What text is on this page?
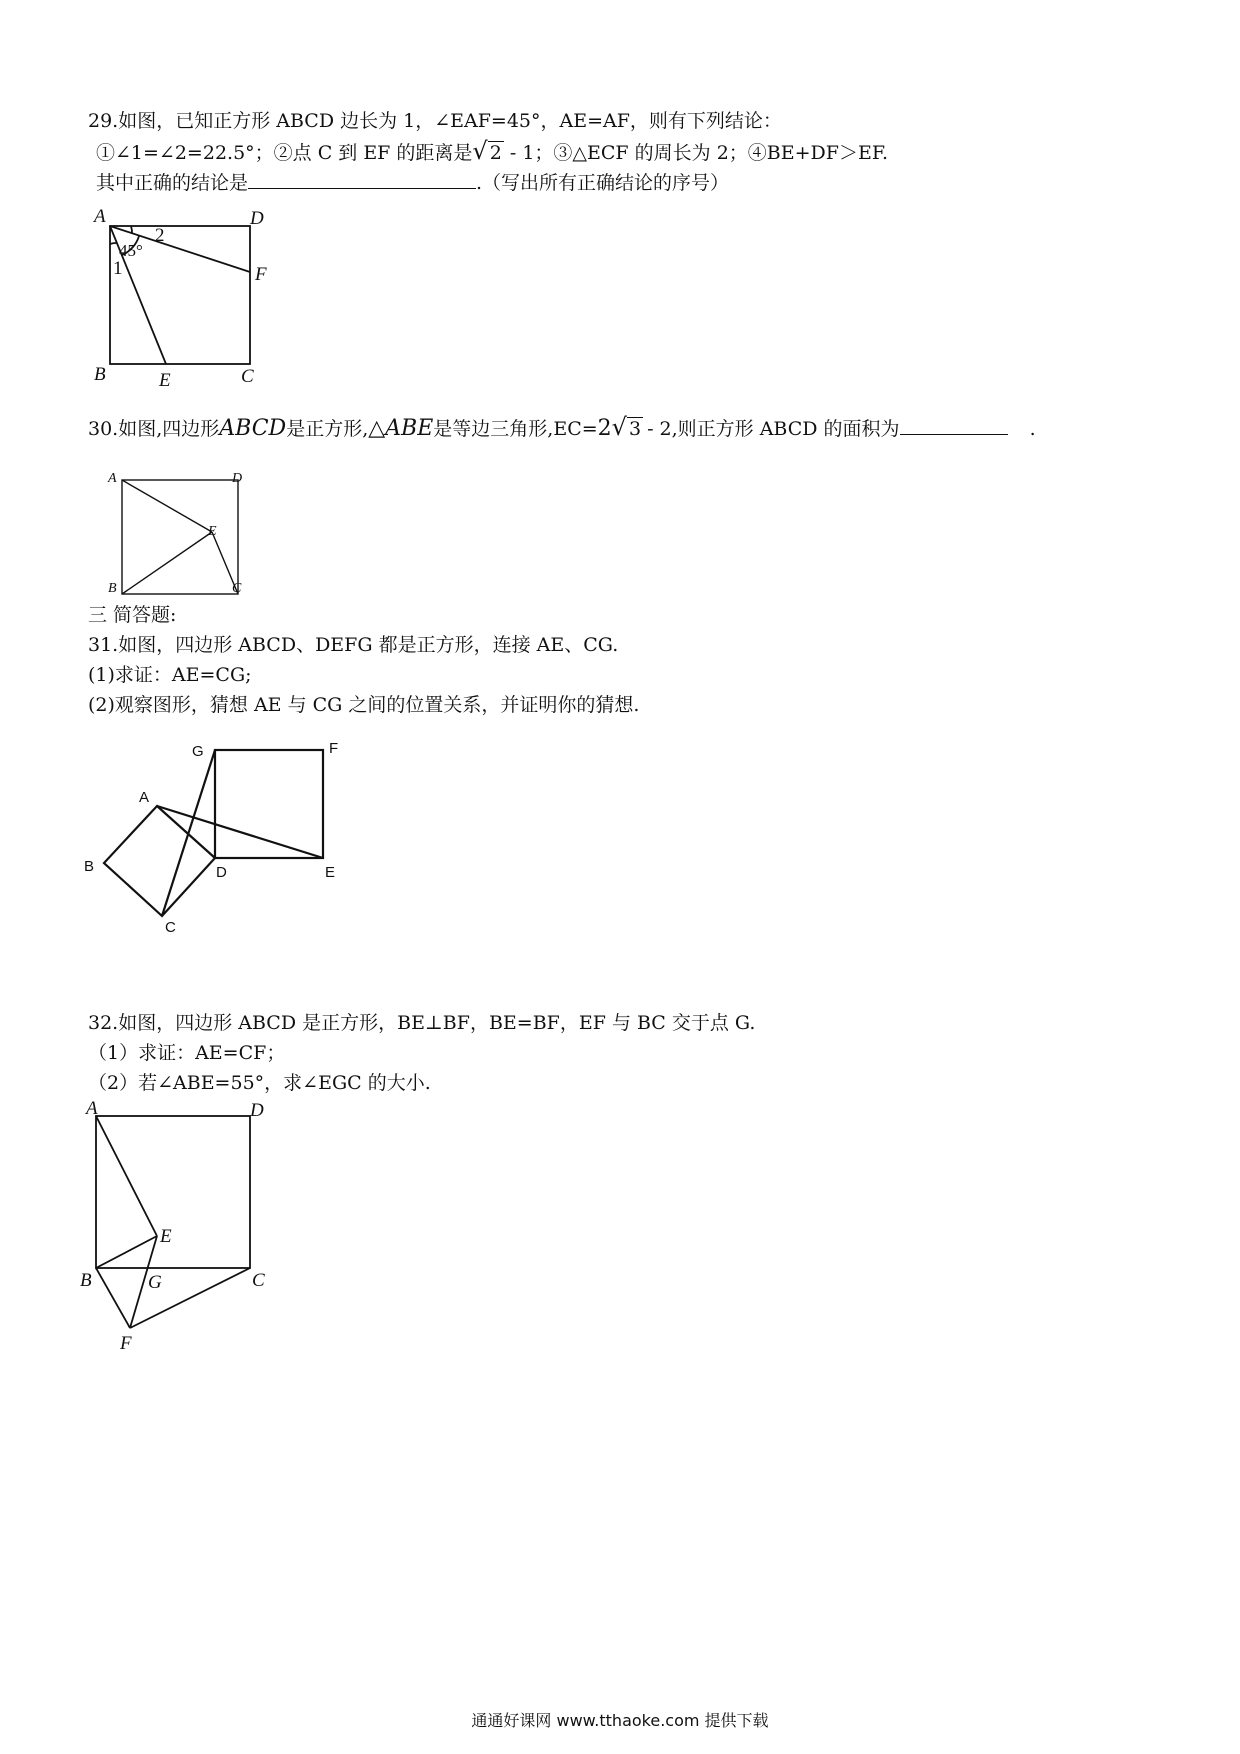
29.如图，已知正方形 ABCD 边长为 1，∠EAF=45°，AE=AF，则有下列结论：
①∠1=∠2=22.5°；②点 C 到 EF 的距离是√ 2 - 1；③△ECF 的周长为 2；④BE+DF＞EF.
其中正确的结论是	.（写出所有正确结论的序号）
A	D
F
B	E	C
1
2
45°
30.如图,四边形ABCD是正方形,△ABE是等边三角形,EC=2√ 3 - 2,则正方形 ABCD 的面积为	.
A	D
E
B	C
三 简答题:
31.如图，四边形 ABCD、DEFG 都是正方形，连接 AE、CG.
(1)求证：AE=CG;
(2)观察图形，猜想 AE 与 CG 之间的位置关系，并证明你的猜想.
G	F
A
B	D	E
C
32.如图，四边形 ABCD 是正方形，BE⊥BF，BE=BF，EF 与 BC 交于点 G.
（1）求证：AE=CF；
（2）若∠ABE=55°，求∠EGC 的大小.
A	D
E
B	G	C
F
通通好课网 www.tthaoke.com 提供下载
